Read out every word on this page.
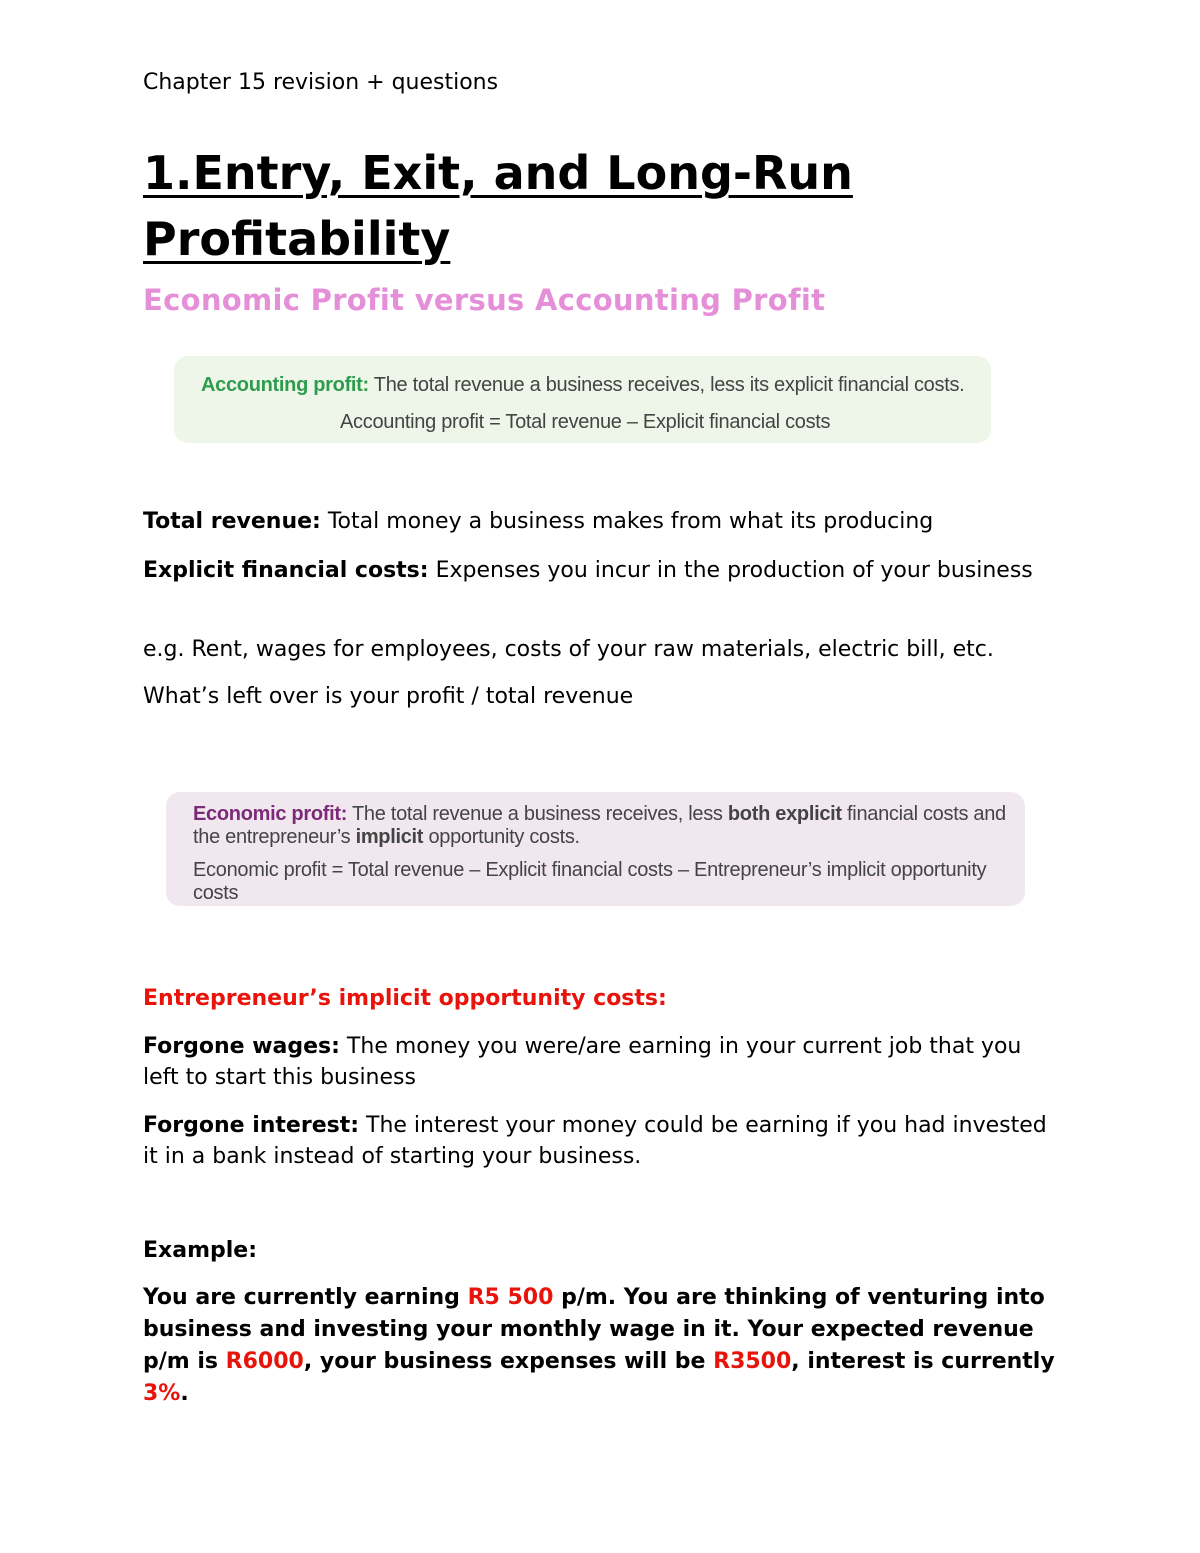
Chapter 15 revision + questions
1.Entry, Exit, and Long-Run Profitability
Economic Profit versus Accounting Profit
Accounting profit: The total revenue a business receives, less its explicit financial costs.
Accounting profit = Total revenue – Explicit financial costs
Total revenue: Total money a business makes from what its producing
Explicit financial costs: Expenses you incur in the production of your business
e.g. Rent, wages for employees, costs of your raw materials, electric bill, etc.
What’s left over is your profit / total revenue
Economic profit: The total revenue a business receives, less both explicit financial costs and
the entrepreneur’s implicit opportunity costs.
Economic profit = Total revenue – Explicit financial costs – Entrepreneur’s implicit opportunity
costs
Entrepreneur’s implicit opportunity costs:
Forgone wages: The money you were/are earning in your current job that you left to start this business
Forgone interest: The interest your money could be earning if you had invested it in a bank instead of starting your business.
Example:
You are currently earning R5 500 p/m. You are thinking of venturing into business and investing your monthly wage in it. Your expected revenue p/m is R6000, your business expenses will be R3500, interest is currently 3%.
